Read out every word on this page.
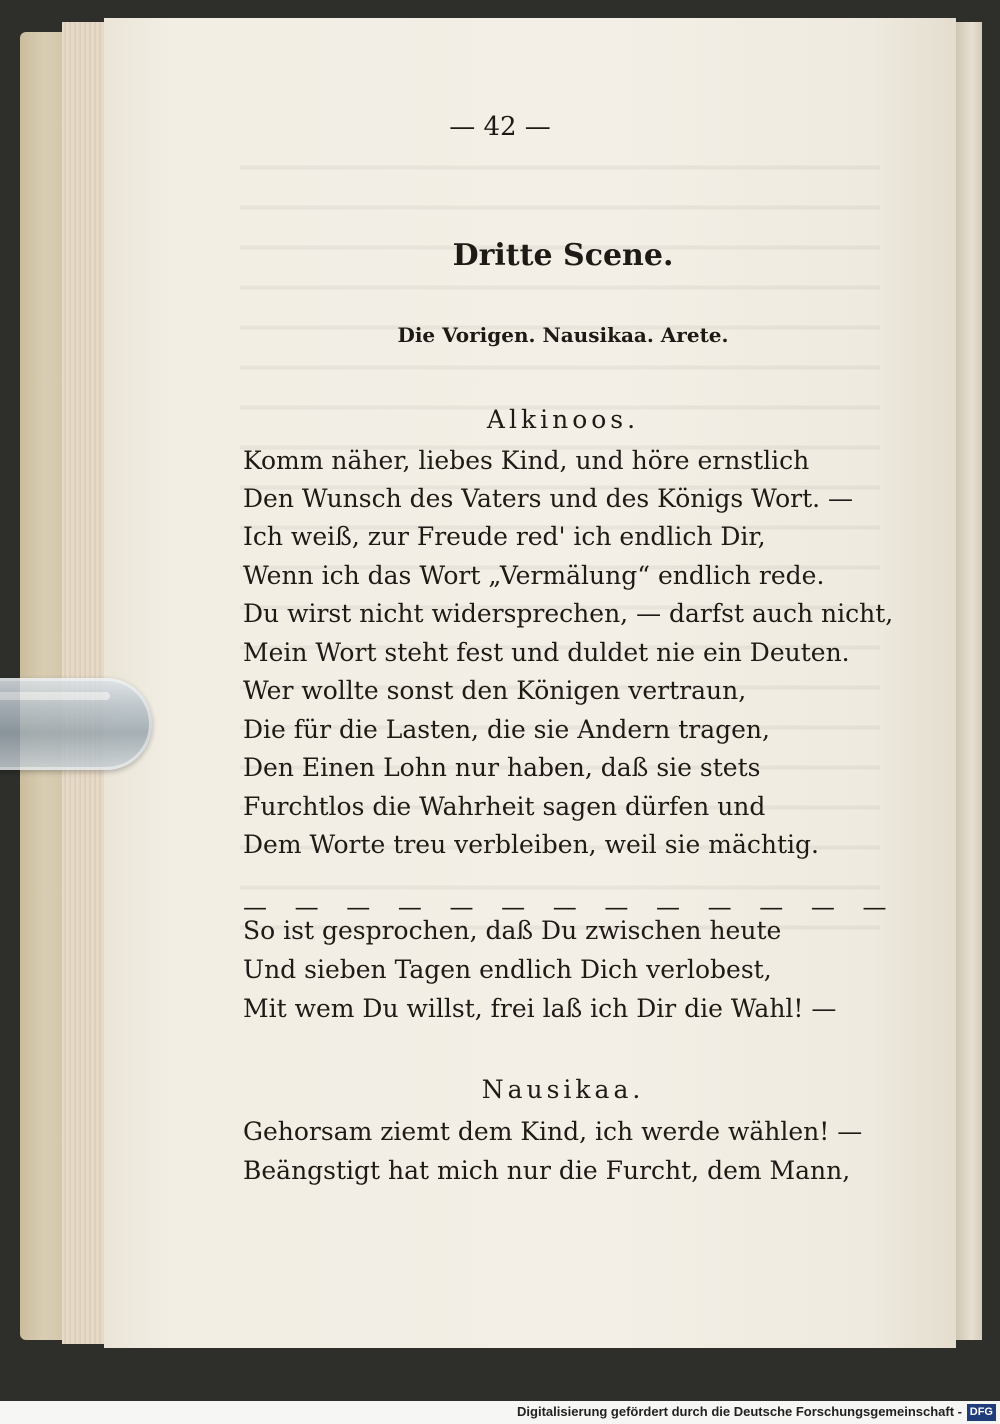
— 42 —
Dritte Scene.
Die Vorigen. Nausikaa. Arete.
Alkinoos.
Komm näher, liebes Kind, und höre ernstlich
Den Wunsch des Vaters und des Königs Wort. —
Ich weiß, zur Freude red' ich endlich Dir,
Wenn ich das Wort „Vermälung“ endlich rede.
Du wirst nicht widersprechen, — darfst auch nicht,
Mein Wort steht fest und duldet nie ein Deuten.
Wer wollte sonst den Königen vertraun,
Die für die Lasten, die sie Andern tragen,
Den Einen Lohn nur haben, daß sie stets
Furchtlos die Wahrheit sagen dürfen und
Dem Worte treu verbleiben, weil sie mächtig.
— — — — — — — — — — — — —
So ist gesprochen, daß Du zwischen heute
Und sieben Tagen endlich Dich verlobest,
Mit wem Du willst, frei laß ich Dir die Wahl! —
Nausikaa.
Gehorsam ziemt dem Kind, ich werde wählen! —
Beängstigt hat mich nur die Furcht, dem Mann,
Digitalisierung gefördert durch die Deutsche Forschungsgemeinschaft - DFG
